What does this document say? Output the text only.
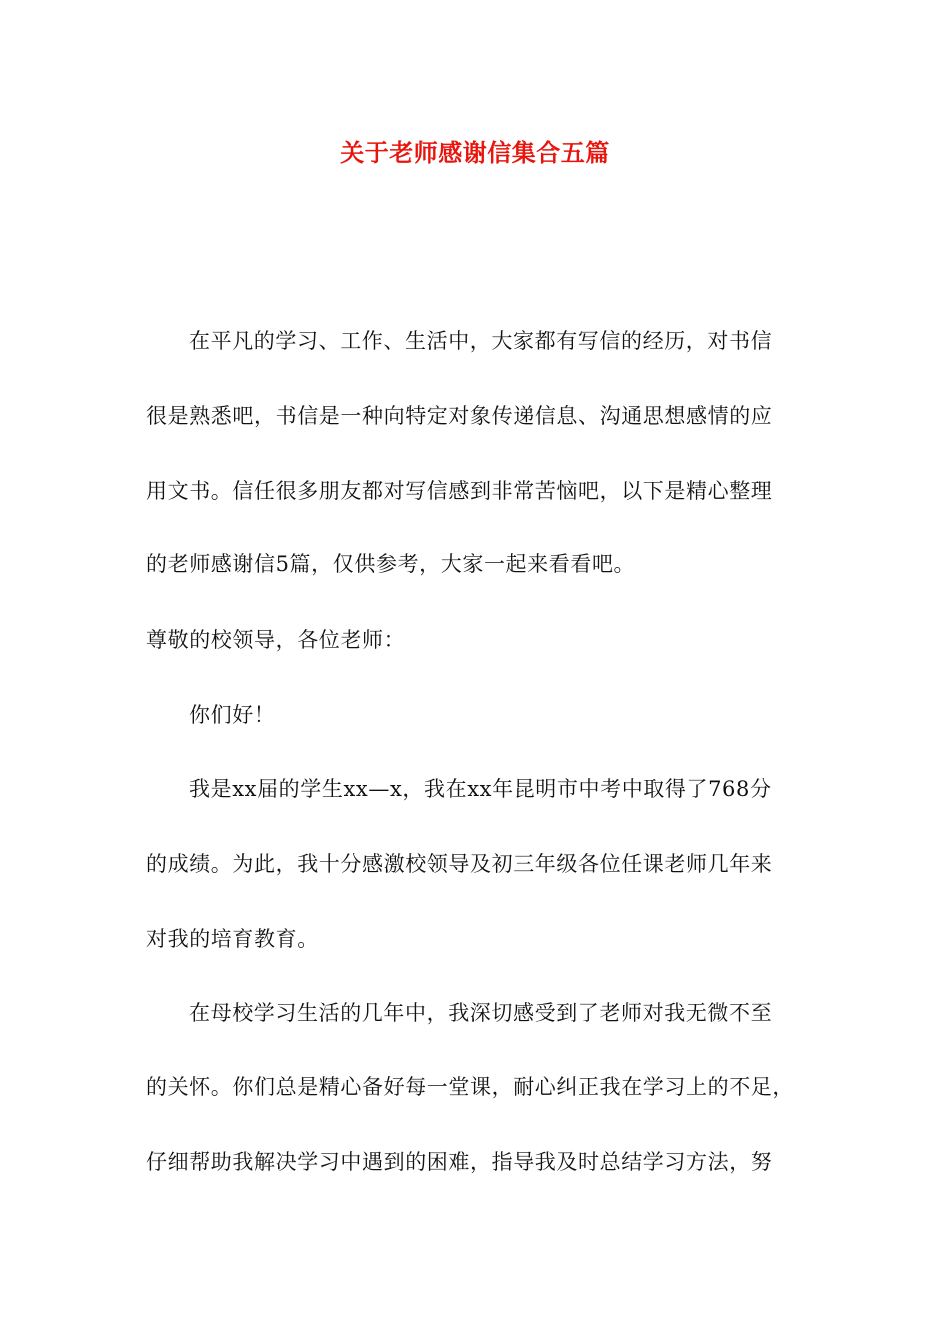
关于老师感谢信集合五篇
在平凡的学习、工作、生活中，大家都有写信的经历，对书信
很是熟悉吧，书信是一种向特定对象传递信息、沟通思想感情的应
用文书。信任很多朋友都对写信感到非常苦恼吧，以下是精心整理
的老师感谢信5篇，仅供参考，大家一起来看看吧。
尊敬的校领导，各位老师：
你们好！
我是xx届的学生xx—x，我在xx年昆明市中考中取得了768分
的成绩。为此，我十分感激校领导及初三年级各位任课老师几年来
对我的培育教育。
在母校学习生活的几年中，我深切感受到了老师对我无微不至
的关怀。你们总是精心备好每一堂课，耐心纠正我在学习上的不足，
仔细帮助我解决学习中遇到的困难，指导我及时总结学习方法，努
